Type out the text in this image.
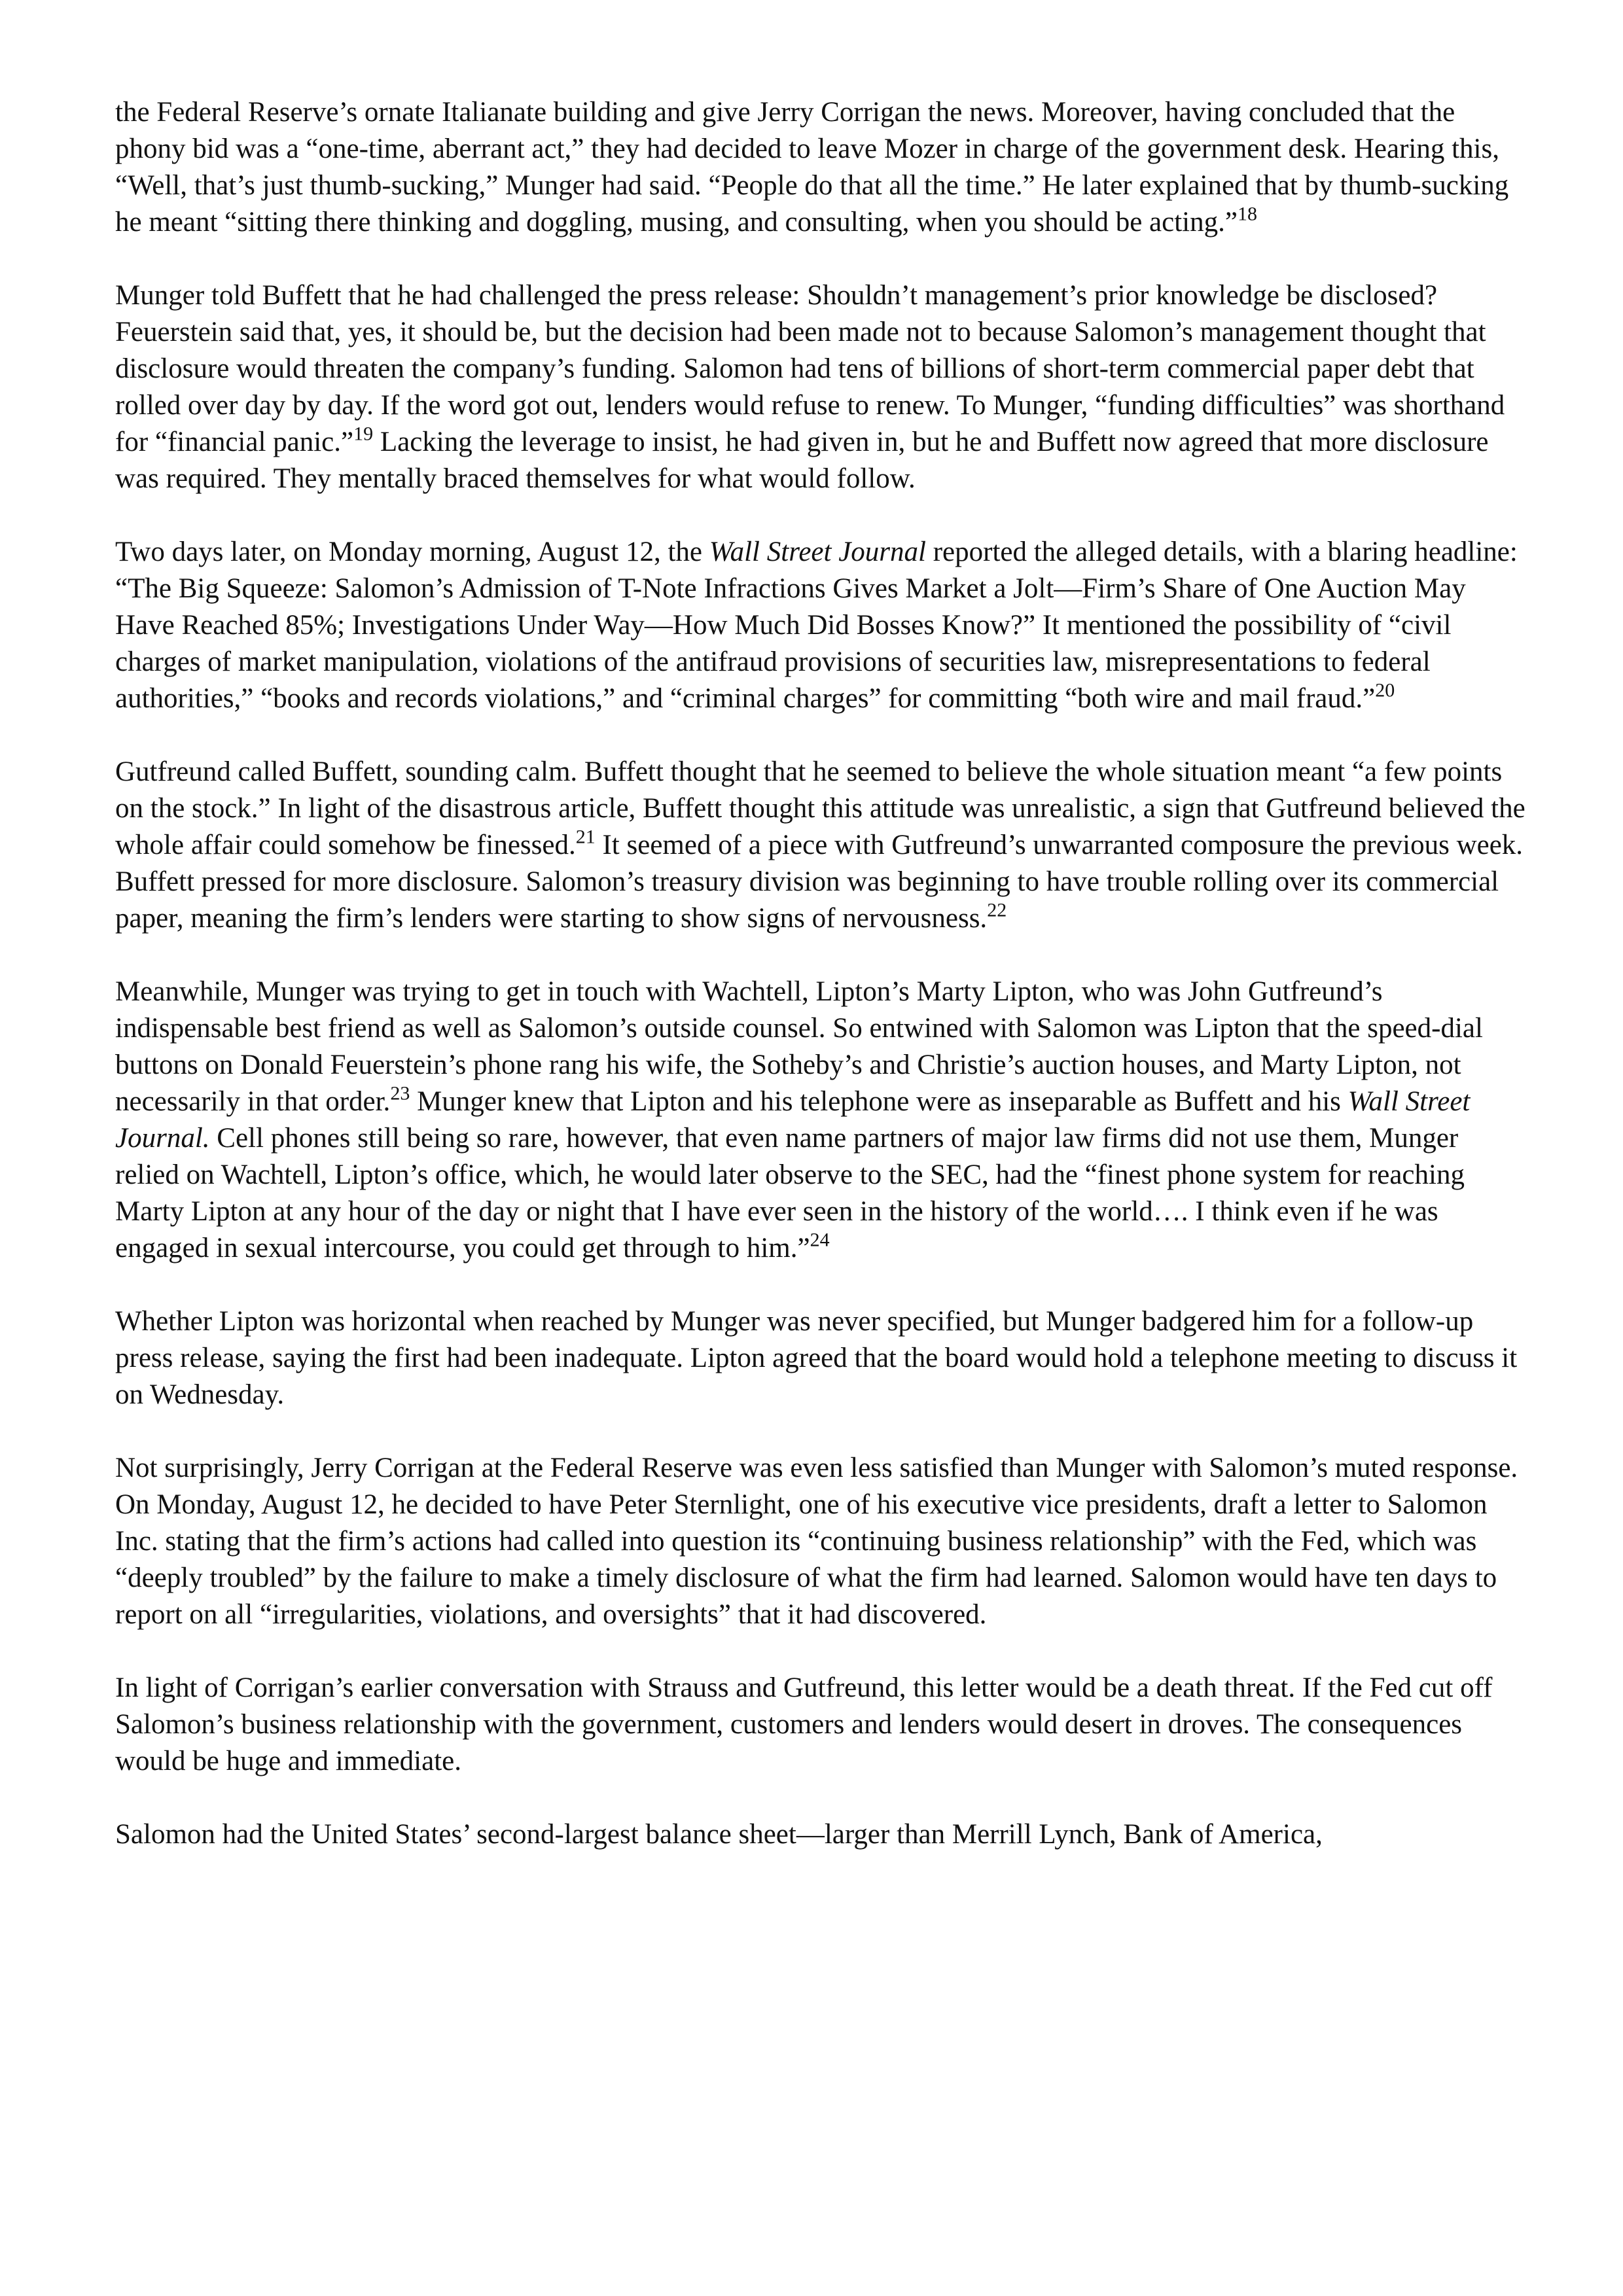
the Federal Reserve’s ornate Italianate building and give Jerry Corrigan the news. Moreover, having concluded that the phony bid was a “one-time, aberrant act,” they had decided to leave Mozer in charge of the government desk. Hearing this, “Well, that’s just thumb-sucking,” Munger had said. “People do that all the time.” He later explained that by thumb-sucking he meant “sitting there thinking and doggling, musing, and consulting, when you should be acting.”$^{18}$

Munger told Buffett that he had challenged the press release: Shouldn’t management’s prior knowledge be disclosed? Feuerstein said that, yes, it should be, but the decision had been made not to because Salomon’s management thought that disclosure would threaten the company’s funding. Salomon had tens of billions of short-term commercial paper debt that rolled over day by day. If the word got out, lenders would refuse to renew. To Munger, “funding difficulties” was shorthand for “financial panic.”$^{19}$ Lacking the leverage to insist, he had given in, but he and Buffett now agreed that more disclosure was required. They mentally braced themselves for what would follow.

Two days later, on Monday morning, August 12, the Wall Street Journal reported the alleged details, with a blaring headline: “The Big Squeeze: Salomon’s Admission of T-Note Infractions Gives Market a Jolt—Firm’s Share of One Auction May Have Reached 85%; Investigations Under Way—How Much Did Bosses Know?” It mentioned the possibility of “civil charges of market manipulation, violations of the antifraud provisions of securities law, misrepresentations to federal authorities,” “books and records violations,” and “criminal charges” for committing “both wire and mail fraud.”$^{20}$

Gutfreund called Buffett, sounding calm. Buffett thought that he seemed to believe the whole situation meant “a few points on the stock.” In light of the disastrous article, Buffett thought this attitude was unrealistic, a sign that Gutfreund believed the whole affair could somehow be finessed.$^{21}$ It seemed of a piece with Gutfreund’s unwarranted composure the previous week. Buffett pressed for more disclosure. Salomon’s treasury division was beginning to have trouble rolling over its commercial paper, meaning the firm’s lenders were starting to show signs of nervousness.$^{22}$

Meanwhile, Munger was trying to get in touch with Wachtell, Lipton’s Marty Lipton, who was John Gutfreund’s indispensable best friend as well as Salomon’s outside counsel. So entwined with Salomon was Lipton that the speed-dial buttons on Donald Feuerstein’s phone rang his wife, the Sotheby’s and Christie’s auction houses, and Marty Lipton, not necessarily in that order.$^{23}$ Munger knew that Lipton and his telephone were as inseparable as Buffett and his Wall Street Journal. Cell phones still being so rare, however, that even name partners of major law firms did not use them, Munger relied on Wachtell, Lipton’s office, which, he would later observe to the SEC, had the “finest phone system for reaching Marty Lipton at any hour of the day or night that I have ever seen in the history of the world…. I think even if he was engaged in sexual intercourse, you could get through to him.”$^{24}$

Whether Lipton was horizontal when reached by Munger was never specified, but Munger badgered him for a follow-up press release, saying the first had been inadequate. Lipton agreed that the board would hold a telephone meeting to discuss it on Wednesday.

Not surprisingly, Jerry Corrigan at the Federal Reserve was even less satisfied than Munger with Salomon’s muted response. On Monday, August 12, he decided to have Peter Sternlight, one of his executive vice presidents, draft a letter to Salomon Inc. stating that the firm’s actions had called into question its “continuing business relationship” with the Fed, which was “deeply troubled” by the failure to make a timely disclosure of what the firm had learned. Salomon would have ten days to report on all “irregularities, violations, and oversights” that it had discovered.

In light of Corrigan’s earlier conversation with Strauss and Gutfreund, this letter would be a death threat. If the Fed cut off Salomon’s business relationship with the government, customers and lenders would desert in droves. The consequences would be huge and immediate.

Salomon had the United States’ second-largest balance sheet—larger than Merrill Lynch, Bank of America,
